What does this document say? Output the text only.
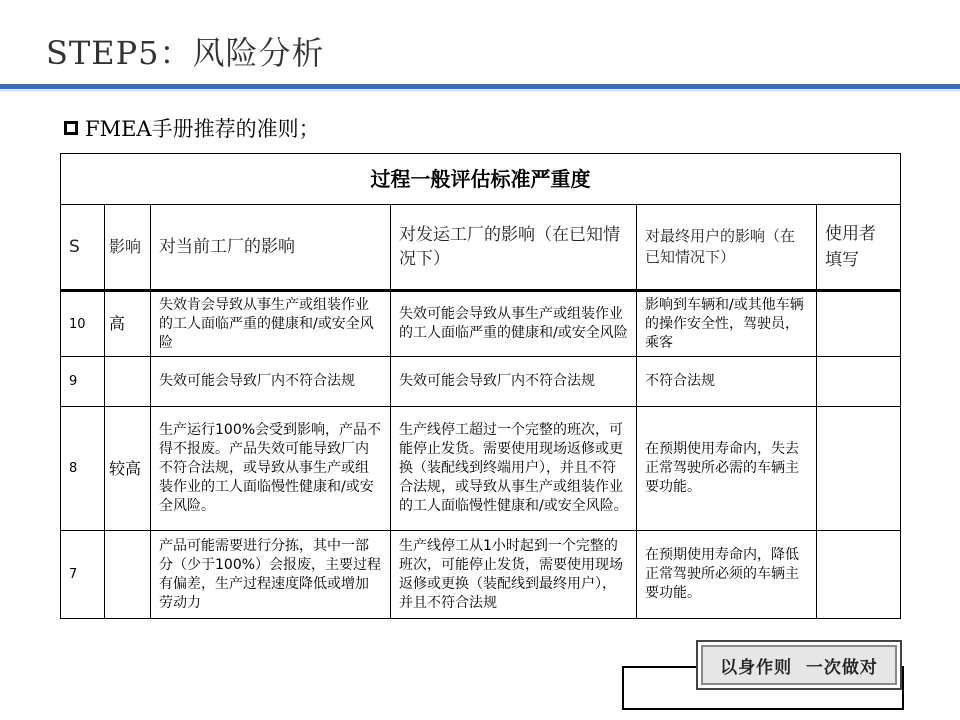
STEP5：风险分析
FMEA手册推荐的准则；
过程一般评估标准严重度					
S	影响	对当前工厂的影响	对发运工厂的影响（在已知情况下）	对最终用户的影响（在已知情况下）	使用者填写
10	高	失效肯会导致从事生产或组装作业的工人面临严重的健康和/或安全风险	失效可能会导致从事生产或组装作业的工人面临严重的健康和/或安全风险	影响到车辆和/或其他车辆的操作安全性，驾驶员，乘客	
9		失效可能会导致厂内不符合法规	失效可能会导致厂内不符合法规	不符合法规	
8	较高	生产运行100%会受到影响，产品不得不报废。产品失效可能导致厂内不符合法规，或导致从事生产或组装作业的工人面临慢性健康和/或安全风险。	生产线停工超过一个完整的班次，可能停止发货。需要使用现场返修或更换（装配线到终端用户），并且不符合法规，或导致从事生产或组装作业的工人面临慢性健康和/或安全风险。	在预期使用寿命内，失去正常驾驶所必需的车辆主要功能。	
7		产品可能需要进行分拣，其中一部分（少于100%）会报废，主要过程有偏差，生产过程速度降低或增加劳动力	生产线停工从1小时起到一个完整的班次，可能停止发货，需要使用现场返修或更换（装配线到最终用户），并且不符合法规	在预期使用寿命内，降低正常驾驶所必须的车辆主要功能。	
以身作则  一次做对
